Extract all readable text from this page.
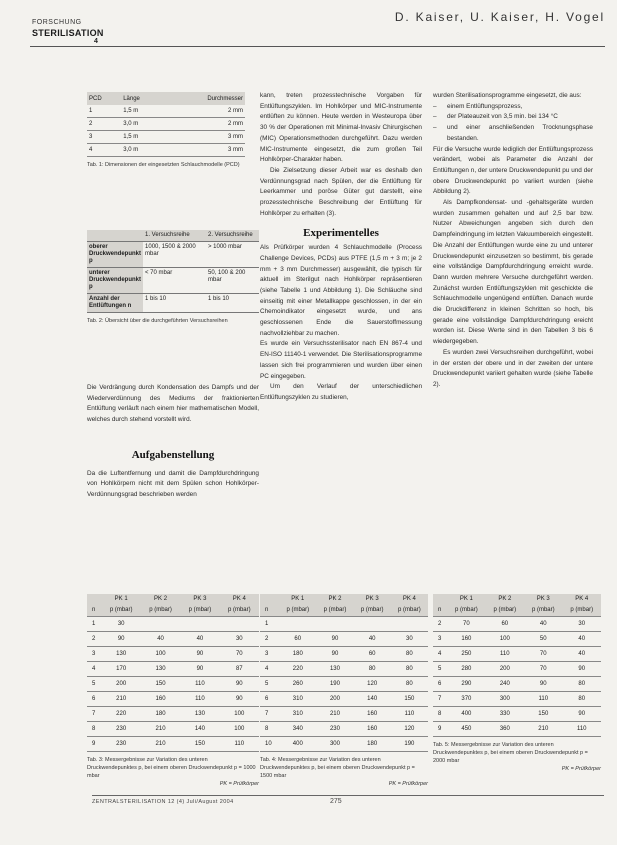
FORSCHUNG
STERILISATION
4
D. Kaiser, U. Kaiser, H. Vogel
PCD	Länge	Durchmesser
1	1,5 m	2 mm
2	3,0 m	2 mm
3	1,5 m	3 mm
4	3,0 m	3 mm
Tab. 1: Dimensionen der eingesetzten Schlauchmodelle (PCD)
	1. Versuchsreihe	2. Versuchsreihe
oberer Druckwendepunkt p	1000, 1500 & 2000 mbar	> 1000 mbar
unterer Druckwendepunkt p	< 70 mbar	50, 100 & 200 mbar
Anzahl der Entlüftungen n	1 bis 10	1 bis 10
Tab. 2: Übersicht über die durchgeführten Versuchsreihen

Die Verdrängung durch Kondensation des Dampfs und der Wiederverdünnung des Mediums der fraktionierten Entlüftung verläuft nach einem hier mathematischen Modell, welches durch stehend vorstellt wird.

Aufgabenstellung

Da die Luftentfernung und damit die Dampfdurchdringung von Hohlkörpern nicht mit dem Spülen schon Hohlkörper-Verdünnungsgrad beschrieben werden

kann, treten prozesstechnische Vorgaben für Entlüftungszyklen. Im Hohlkörper und MIC-Instrumente entlüften zu können. Heute werden in Westeuropa über 30 % der Operationen mit Minimal-Invasiv Chirurgischen (MIC) Operationsmethoden durchgeführt. Dazu werden MIC-Instrumente eingesetzt, die zum großen Teil Hohlkörper-Charakter haben.

Die Zielsetzung dieser Arbeit war es deshalb den Verdünnungsgrad nach Spülen, der die Entlüftung für Leerkammer und poröse Güter gut darstellt, eine prozesstechnische Beschreibung der Entlüftung für Hohlkörper zu erhalten (3).

Experimentelles

Als Prüfkörper wurden 4 Schlauchmodelle (Process Challenge Devices, PCDs) aus PTFE (1,5 m + 3 m; je 2 mm + 3 mm Durchmesser) ausgewählt, die typisch für aktuell im Sterilgut nach Hohlkörper repräsentieren (siehe Tabelle 1 und Abbildung 1). Die Schläuche sind einseitig mit einer Metallkappe geschlossen, in der ein Chemoindikator eingesetzt wurde, und ans geschlossenen Ende die Sauerstoffmessung nachvollziehbar zu machen.

Es wurde ein Versuchssterilisator nach EN 867-4 und EN-ISO 11140-1 verwendet. Die Sterilisationsprogramme lassen sich frei programmieren und wurden über einen PC eingegeben.

Um den Verlauf der unterschiedlichen Entlüftungszyklen zu studieren,

wurden Sterilisationsprogramme eingesetzt, die aus:

–	einem Entlüftungsprozess,
–	der Plateauzeit von 3,5 min. bei 134 °C
–	und einer anschließenden Trocknungsphase bestanden.

Für die Versuche wurde lediglich der Entlüftungsprozess verändert, wobei als Parameter die Anzahl der Entlüftungen n, der untere Druckwendepunkt pu und der obere Druckwendepunkt po variiert wurden (siehe Abbildung 2).

Als Dampfkondensat- und -gehaltsgeräte wurden wurden zusammen gehalten und auf 2,5 bar bzw. Nutzer Abweichungen angeben sich durch den Dampfeindringung im letzten Vakuumbereich eingestellt. Die Anzahl der Entlüftungen wurde eine zu und unterer Druckwendepunkt einzusetzen so bestimmt, bis gerade eine vollständige Dampfdurchdringung erreicht wurde. Dann wurden mehrere Versuche durchgeführt werden. Zunächst wurden Entlüftungszyklen mit geschickte die Schlauchmodelle ungenügend entlüften. Danach wurde die Druckdifferenz in kleinen Schritten so hoch, bis gerade eine vollständige Dampfdurchdringung ereicht worden ist. Diese Werte sind in den Tabellen 3 bis 6 wiedergegeben.

Es wurden zwei Versuchsreihen durchgeführt, wobei in der ersten der obere und in der zweiten der untere Druckwendepunkt variiert gehalten wurde (siehe Tabelle 2).

	PK 1	PK 2	PK 3	PK 4
n	p (mbar)	p (mbar)	p (mbar)	p (mbar)
1	30			
2	90	40	40	30
3	130	100	90	70
4	170	130	90	87
5	200	150	110	90
6	210	160	110	90
7	220	180	130	100
8	230	210	140	100
9	230	210	150	110
Tab. 3: Messergebnisse zur Variation des unteren Druckwendepunktes p, bei einem oberen Druckwendepunkt p = 1000 mbar
PK = Prüfkörper
	PK 1	PK 2	PK 3	PK 4
n	p (mbar)	p (mbar)	p (mbar)	p (mbar)
1				
2	60	90	40	30
3	180	90	60	80
4	220	130	80	80
5	260	190	120	80
6	310	200	140	150
7	310	210	160	110
8	340	230	160	120
10	400	300	180	190
Tab. 4: Messergebnisse zur Variation des unteren Druckwendepunktes p, bei einem oberen Druckwendepunkt p = 1500 mbar
PK = Prüfkörper
	PK 1	PK 2	PK 3	PK 4
n	p (mbar)	p (mbar)	p (mbar)	p (mbar)
2	70	60	40	30
3	160	100	50	40
4	250	110	70	40
5	280	200	70	90
6	290	240	90	80
7	370	300	110	80
8	400	330	150	90
9	450	360	210	110
Tab. 5: Messergebnisse zur Variation des unteren Druckwendepunktes p, bei einem oberen Druckwendepunkt p = 2000 mbar
PK = Prüfkörper
ZENTRALSTERILISATION 12 (4) Juli/August 2004	275
